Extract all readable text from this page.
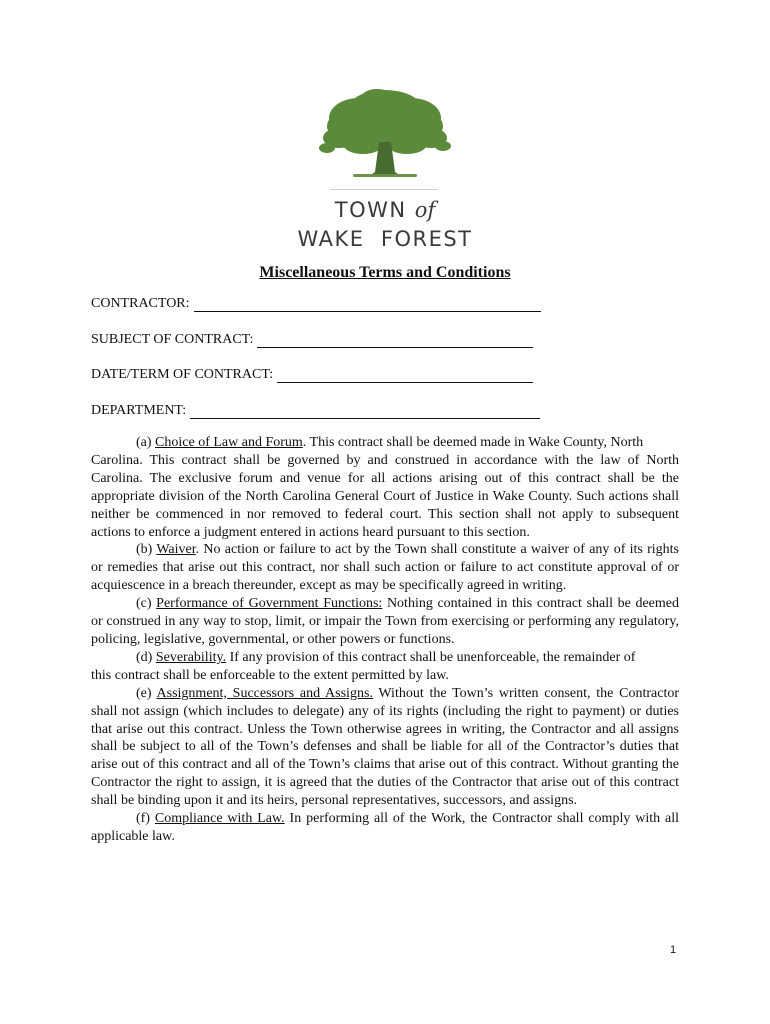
TOWN of
WAKE  FOREST
Miscellaneous Terms and Conditions
CONTRACTOR:
SUBJECT OF CONTRACT:
DATE/TERM OF CONTRACT:
DEPARTMENT:

(a) Choice of Law and Forum. This contract shall be deemed made in Wake County, North
Carolina. This contract shall be governed by and construed in accordance with the law of North Carolina. The exclusive forum and venue for all actions arising out of this contract shall be the appropriate division of the North Carolina General Court of Justice in Wake County. Such actions shall neither be commenced in nor removed to federal court. This section shall not apply to subsequent actions to enforce a judgment entered in actions heard pursuant to this section.

(b) Waiver. No action or failure to act by the Town shall constitute a waiver of any of its rights or remedies that arise out this contract, nor shall such action or failure to act constitute approval of or acquiescence in a breach thereunder, except as may be specifically agreed in writing.

(c) Performance of Government Functions: Nothing contained in this contract shall be deemed or construed in any way to stop, limit, or impair the Town from exercising or performing any regulatory, policing, legislative, governmental, or other powers or functions.

(d) Severability. If any provision of this contract shall be unenforceable, the remainder of
this contract shall be enforceable to the extent permitted by law.

(e) Assignment, Successors and Assigns. Without the Town’s written consent, the Contractor shall not assign (which includes to delegate) any of its rights (including the right to payment) or duties that arise out this contract. Unless the Town otherwise agrees in writing, the Contractor and all assigns shall be subject to all of the Town’s defenses and shall be liable for all of the Contractor’s duties that arise out of this contract and all of the Town’s claims that arise out of this contract. Without granting the Contractor the right to assign, it is agreed that the duties of the Contractor that arise out of this contract shall be binding upon it and its heirs, personal representatives, successors, and assigns.

(f) Compliance with Law. In performing all of the Work, the Contractor shall comply with all applicable law.

1
